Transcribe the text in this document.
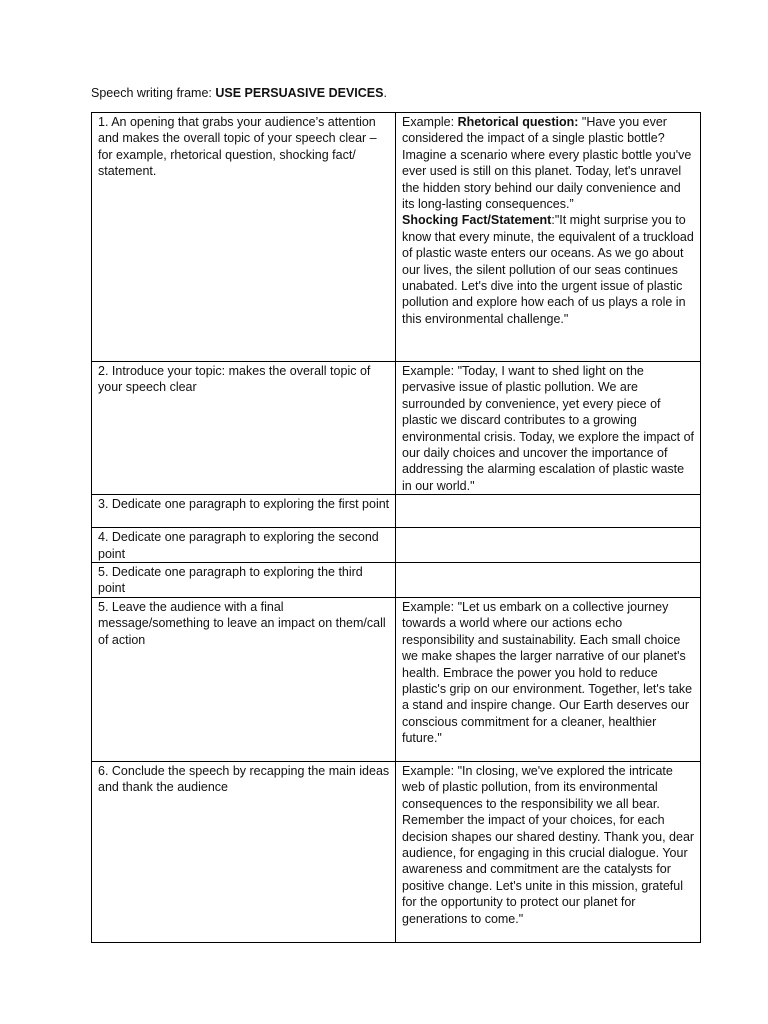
Speech writing frame: USE PERSUASIVE DEVICES.
1. An opening that grabs your audience’s attention and makes the overall topic of your speech clear – for example, rhetorical question, shocking fact/ statement.	Example: Rhetorical question: "Have you ever considered the impact of a single plastic bottle? Imagine a scenario where every plastic bottle you've ever used is still on this planet. Today, let's unravel the hidden story behind our daily convenience and its long-lasting consequences.”
Shocking Fact/Statement:"It might surprise you to know that every minute, the equivalent of a truckload of plastic waste enters our oceans. As we go about our lives, the silent pollution of our seas continues unabated. Let's dive into the urgent issue of plastic pollution and explore how each of us plays a role in this environmental challenge."
2. Introduce your topic: makes the overall topic of your speech clear	Example: "Today, I want to shed light on the pervasive issue of plastic pollution. We are surrounded by convenience, yet every piece of plastic we discard contributes to a growing environmental crisis. Today, we explore the impact of our daily choices and uncover the importance of addressing the alarming escalation of plastic waste in our world."
3. Dedicate one paragraph to exploring the first point	
4. Dedicate one paragraph to exploring the second point	
5. Dedicate one paragraph to exploring the third point	
5. Leave the audience with a final message/something to leave an impact on them/call of action	Example: "Let us embark on a collective journey towards a world where our actions echo responsibility and sustainability. Each small choice we make shapes the larger narrative of our planet's health. Embrace the power you hold to reduce plastic's grip on our environment. Together, let's take a stand and inspire change. Our Earth deserves our conscious commitment for a cleaner, healthier future."
6. Conclude the speech by recapping the main ideas and thank the audience	Example: "In closing, we've explored the intricate web of plastic pollution, from its environmental consequences to the responsibility we all bear. Remember the impact of your choices, for each decision shapes our shared destiny. Thank you, dear audience, for engaging in this crucial dialogue. Your awareness and commitment are the catalysts for positive change. Let's unite in this mission, grateful for the opportunity to protect our planet for generations to come."
